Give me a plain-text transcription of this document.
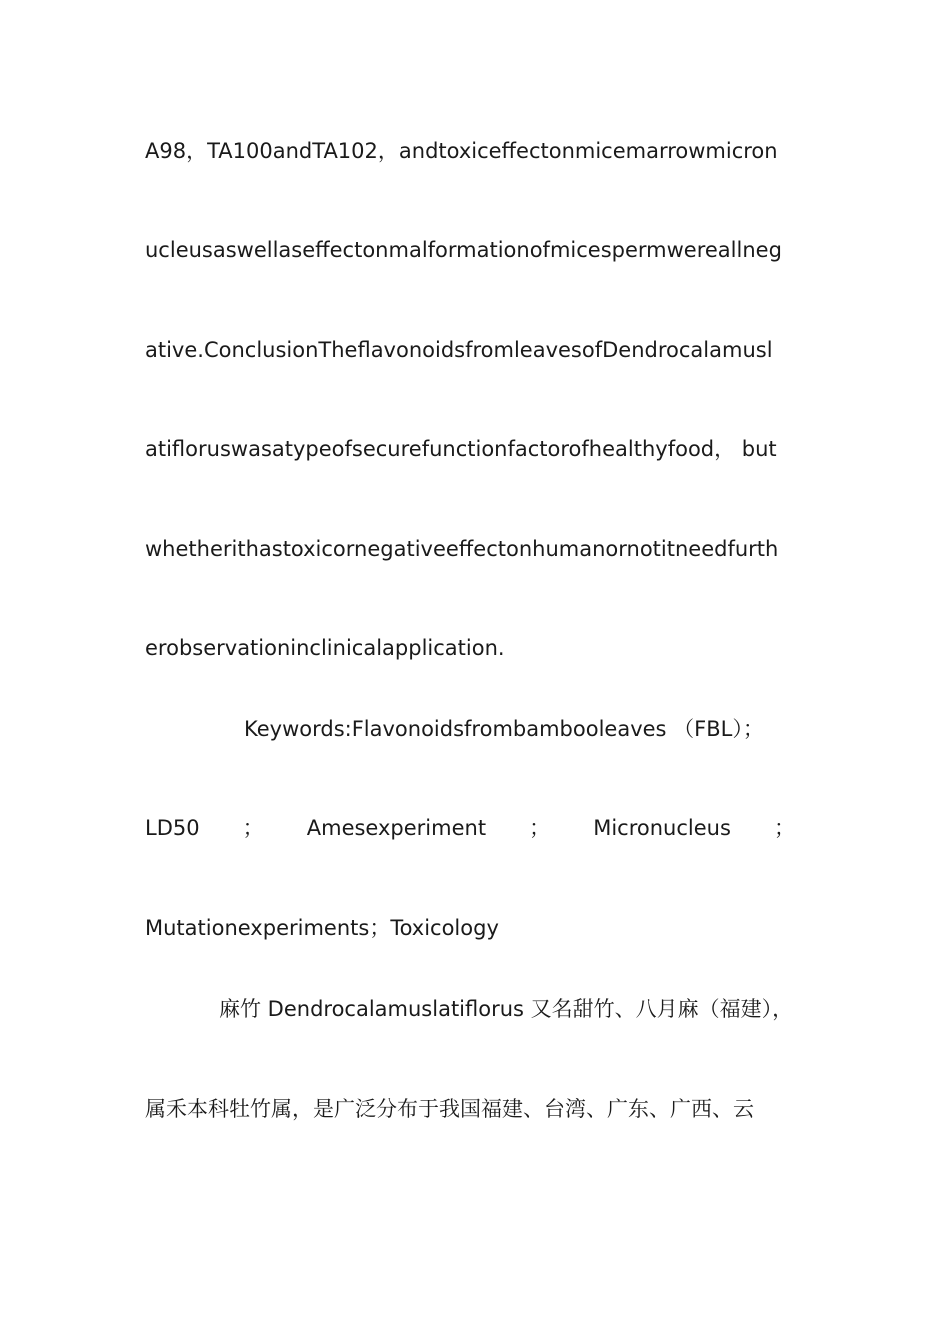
A98，TA100andTA102，andtoxiceffectonmicemarrowmicron
ucleusaswellaseffectonmalformationofmicespermwereallneg
ative.ConclusionTheflavonoidsfromleavesofDendrocalamusl
atifloruswasatypeofsecurefunctionfactorofhealthyfood， but
whetherithastoxicornegativeeffectonhumanornotitneedfurth
erobservationinclinicalapplication.
Keywords:Flavonoidsfrombambooleaves （FBL）；
LD50 ； Amesexperiment ； Micronucleus ；
Mutationexperiments；Toxicology
麻竹 Dendrocalamuslatiflorus 又名甜竹、八月麻（福建），
属禾本科牡竹属，是广泛分布于我国福建、台湾、广东、广西、云
